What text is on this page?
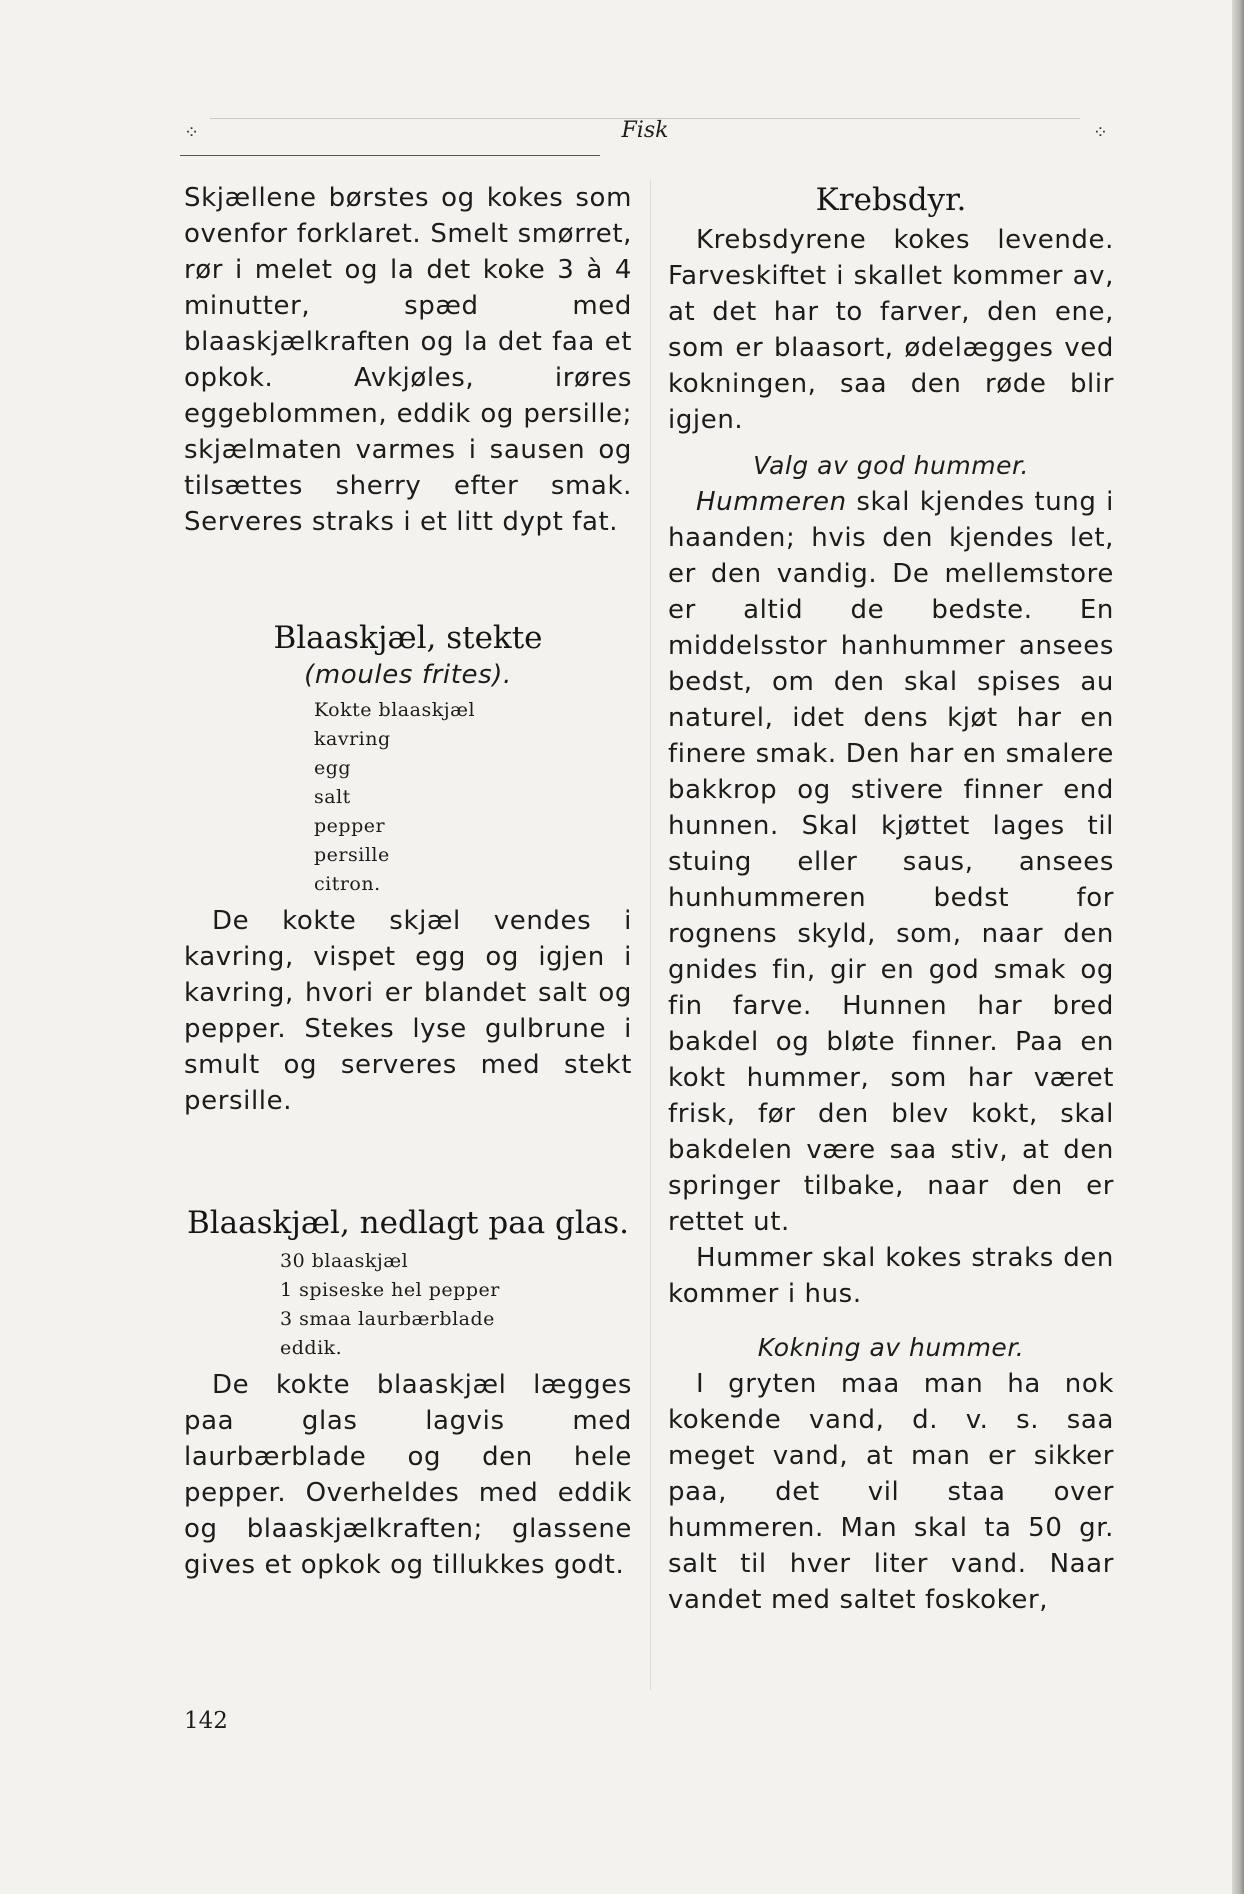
⁘	Fisk	⁘

Skjællene børstes og kokes som ovenfor forklaret. Smelt smørret, rør i melet og la det koke 3 à 4 minutter, spæd med blaaskjælkraften og la det faa et opkok. Avkjøles, irøres eggeblommen, eddik og persille; skjælmaten varmes i sausen og tilsættes sherry efter smak. Serveres straks i et litt dypt fat.

Blaaskjæl, stekte

(moules frites).

Kokte blaaskjæl

kavring

egg

salt

pepper

persille

citron.

De kokte skjæl vendes i kavring, vispet egg og igjen i kavring, hvori er blandet salt og pepper. Stekes lyse gulbrune i smult og serveres med stekt persille.

Blaaskjæl, nedlagt paa glas.

30 blaaskjæl

1 spiseske hel pepper

3 smaa laurbærblade

eddik.

De kokte blaaskjæl lægges paa glas lagvis med laurbærblade og den hele pepper. Overheldes med eddik og blaaskjælkraften; glassene gives et opkok og tillukkes godt.

Krebsdyr.

Krebsdyrene kokes levende. Farveskiftet i skallet kommer av, at det har to farver, den ene, som er blaasort, ødelægges ved kokningen, saa den røde blir igjen.

Valg av god hummer.

Hummeren skal kjendes tung i haanden; hvis den kjendes let, er den vandig. De mellemstore er altid de bedste. En middelsstor hanhummer ansees bedst, om den skal spises au naturel, idet dens kjøt har en finere smak. Den har en smalere bakkrop og stivere finner end hunnen. Skal kjøttet lages til stuing eller saus, ansees hunhummeren bedst for rognens skyld, som, naar den gnides fin, gir en god smak og fin farve. Hunnen har bred bakdel og bløte finner. Paa en kokt hummer, som har været frisk, før den blev kokt, skal bakdelen være saa stiv, at den springer tilbake, naar den er rettet ut.

Hummer skal kokes straks den kommer i hus.

Kokning av hummer.

I gryten maa man ha nok kokende vand, d. v. s. saa meget vand, at man er sikker paa, det vil staa over hummeren. Man skal ta 50 gr. salt til hver liter vand. Naar vandet med saltet foskoker,

142
